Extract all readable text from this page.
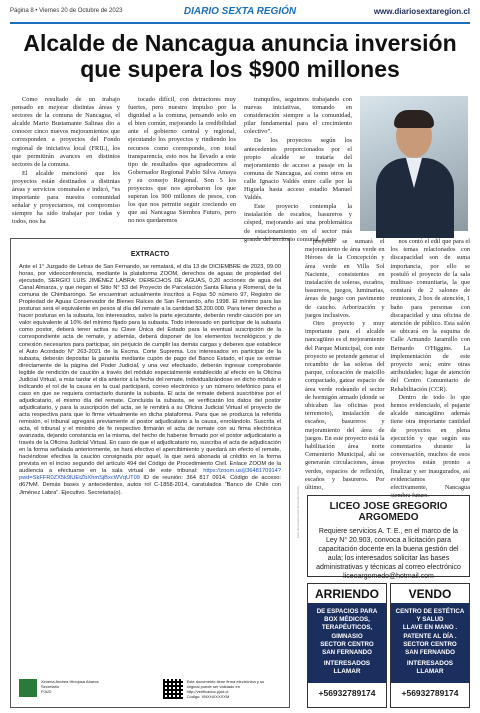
Página 8 • Viernes 20 de Octubre de 2023	DIARIO SEXTA REGIÓN	www.diariosextaregion.cl
Alcalde de Nancagua anuncia inversión que supera los $900 millones

Como resultado de un trabajo pensado en mejorar distintas áreas y sectores de la comuna de Nancagua, el alcalde Mario Bustamante Salinas dio a conocer cinco nuevos mejoramientos que corresponden a proyectos del Fondo regional de iniciativa local (FRIL), los que permitirán avances en distintos sectores de la comuna.

El alcalde mencionó que los proyectos están destinados a distintas áreas y servicios comunales e indicó, “es importante para nuestra comunidad señalar y proyectarnos, mi compromiso siempre ha sido trabajar por todas y todos, nos ha

tocado difícil, con detractores muy fuertes, pero nuestro impulso por la dignidad a la comuna, pensando solo en el bien común, mejorando la credibilidad ante el gobierno central y regional, ejecutando los proyectos y rindiendo los recursos como corresponde, con total transparencia, esto nos ha llevado a este tipo de resultados que agradecemos al Gobernador Regional Pablo Silva Amaya y su consejo Regional. Son 5 los proyectos que nos aprobaron los que superan los 900 millones de pesos, con los que nos permite seguir creciendo en que así Nancagua Siembra Futuro, pero no nos quedaremos

tranquilos, seguimos trabajando con nuevas iniciativas, tomando en consideración siempre a la comunidad, pilar fundamental para el crecimiento colectivo”.

De los proyectos según los antecedentes proporcionados por el propio alcalde se trataría del mejoramiento de acceso a pasaje en la comuna de Nancagua, así como otros en calle Ignacio Valdés entre calle por la Higuela hasta acceso estadio Manuel Valdés.

Este proyecto contempla la instalación de escaños, basureros y césped, mejorando así una problemática de estacionamiento en el sector más grande del territorio comunal, a esto

EXTRACTO
Ante el 1° Juzgado de Letras de San Fernando, se rematará, el día 13 de DICIEMBRE de 2023, 09.00 horas, por videoconferencia, mediante la plataforma ZOOM, derechos de aguas de propiedad del ejecutado, SERGIO LUIS JIMÉNEZ LABRA: DERECHOS DE AGUAS, 0,20 acciones de agua del Canal Almarza, y que riegan el Sitio N° 53 del Proyecto de Parcelación Santa Eliana y Romeral, de la comuna de Chimbarongo. Se encuentran actualmente inscritos a Fojas 50 número 97, Registro de Propiedad de Aguas Conservador de Bienes Raíces de San Fernando, año 1998. El mínimo para las posturas será el equivalente en pesos al día del remate a la cantidad $3.200.000. Para tener derecho a hacer posturas en la subasta, los interesados, salvo la parte ejecutante, deberán rendir caución por un valor equivalente al 10% del mínimo fijado para la subasta. Todo interesado en participar de la subasta como postor, deberá tener activa su Clave Única del Estado para la eventual suscripción de la correspondiente acta de remate, y además, deberá disponer de los elementos tecnológicos y de conexión necesarios para participar, sin perjuicio de cumplir las demás cargas y deberes que establece el Auto Acordado N° 263-2021 de la Excma. Corte Suprema. Los interesados en participar de la subasta, deberán depositar la garantía mediante cupón de pago del Banco Estado, el que se extrae directamente de la página del Poder Judicial, y una vez efectuado, deberán ingresar comprobante legible de rendición de caución a través del módulo especialmente establecido al efecto en la Oficina Judicial Virtual, a más tardar el día anterior a la fecha del remate, individualizándose en dicho módulo e indicando el rol de la causa en la cual participará, correo electrónico y un número telefónico para el caso en que se requiera contactarlo durante la subasta. El acta de remate deberá suscribirse por el adjudicatario, el mismo día del remate. Concluida la subasta, se verificarán los datos del postor adjudicatario, y para la suscripción del acta, se le remitirá a su Oficina Judicial Virtual el proyecto de acta respectiva para que lo firme virtualmente en dicha plataforma. Para que se produzca la referida remisión, el tribunal agregará previamente al postor adjudicatario a la causa, enrolándolo. Suscrita el acta, el tribunal y el ministro de fe respectivo firmarán el acta de remate con su firma electrónica avanzada, dejando constancia en la misma, del hecho de haberse firmado por el postor adjudicatario a través de la Oficina Judicial Virtual. En caso de que el adjudicatario no, suscriba el acta de adjudicación en la forma señalada anteriormente, se hará efectivo el apercibimiento y quedará sin efecto el remate, haciéndose efectiva la caución consignada por aquél, la que será abonada al crédito en la forma prevista en el inciso segundo del artículo 494 del Código de Procedimiento Civil. Enlace ZOOM de la audiencia a efectuarse en la sala virtual de este tribunal: https://zoom.us/j/3648170914?pwd=SkFFR0ZX5k9lUEtZbXhmSjBxcWVqUT09 ID de reunión: 364 817 0914. Código de acceso: d67fvM. Demás bases y antecedentes, autos rol C-1858-2014, caratulados “Banco de Chile con Jiménez Labra”. Ejecutivo. Secretaria(o).
Ximena Andrea Hinojosa Abarca
Secretario
PJUD
Este documento tiene firma electrónica y su original puede ser validado en http://verificadoc.pjud.cl
Código: XNXHXXXXXM
Este documento tiene firma electrónica

proyecto se sumará el mejoramiento de área verde en Héroes de la Concepción y área verde en Villa Sol Naciente, consistentes en instalación de soleras, escaños, basureros, juegos, luminarias, áreas de juego con pavimento de caucho. Arborización y juegos inclusivos.

Otro proyecto y muy importante para el alcalde nancagüino es el mejoramiento del Parque Municipal, con este proyecto se pretende generar el recambio de las soleras del parque, colocación de maicillo compactado, gatear espacio de área verde rodeando el sector de hormigón armado (donde se ubicaban las oficinas post terremoto), instalación de escaños, basureros y mejoramiento del área de juegos. En este proyecto está la habilitación área norte Cementerio Municipal, ahí se generarán circulaciones, áreas verdes, espacios de reflexión, escaños y basureros. Por último,

nos contó el edil que para el los temas relacionados con discapacidad son de suma importancia, por ello se postuló el proyecto de la sala multiuso comunitaria, la que constará de 2 salones de reuniones, 2 box de atención, 1 baño para personas con discapacidad y una oficina de atención de público. Esta salón se ubicará en la esquina de Calle Armando Jaramillo con Bernardo O'Higgins. La implementación de este proyecto será; entre otras atribuidades; lugar de atención del Centro Comunitario de Rehabilitación (CCR).

Dentro de todo lo que hemos evidenciado, el pujante alcalde nancagüino además tiene otra importante cantidad de proyectos en plena ejecución y que según sus comentarios durante la conversación, muchos de esos proyectos están pronto a finalizar y ser inaugurados, así evidenciamos que efectivamente, Nancagua siembra futuro.

LICEO JOSE GREGORIO ARGOMEDO
Requiere servicios A. T. E., en el marco de la Ley N° 20.903, convoca a licitación para capacitación docente en la buena gestión del aula; los interesados solicitar las bases administrativas y técnicas al correo electrónico liceoargomedo@hotmail.com
ARRIENDO
DE ESPACIOS PARA
BOX MÉDICOS,
TERAPÉUTICOS,
GIMNASIO
SECTOR CENTRO
SAN FERNANDO
INTERESADOS LLAMAR
+56932789174
VENDO
CENTRO DE ESTÉTICA
Y SALUD
LLAVE EN MANO .
PATENTE AL DÍA .
SECTOR CENTRO
SAN FERNANDO
INTERESADOS LLAMAR
+56932789174
